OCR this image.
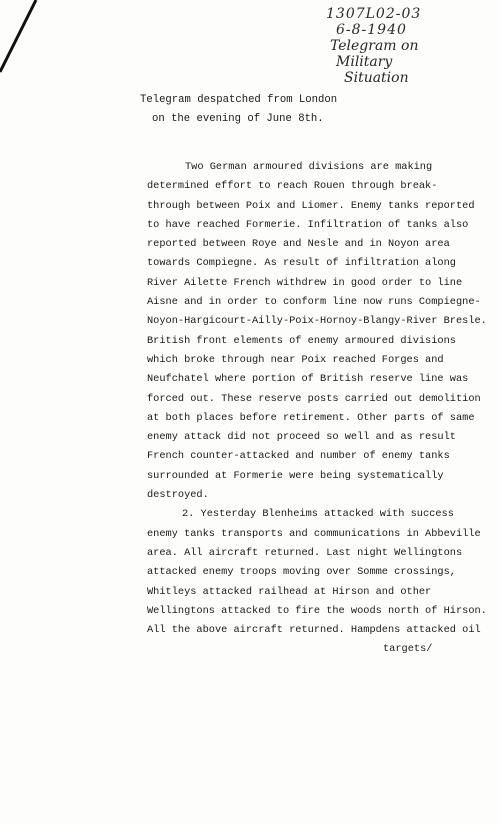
1307L02-03
6-8-1940
Telegram on
Military
Situation
Telegram despatched from London
on the evening of June 8th.
Two German armoured divisions are making
determined effort to reach Rouen through break-
through between Poix and Liomer. Enemy tanks reported
to have reached Formerie. Infiltration of tanks also
reported between Roye and Nesle and in Noyon area
towards Compiegne. As result of infiltration along
River Ailette French withdrew in good order to line
Aisne and in order to conform line now runs Compiegne-
Noyon-Hargicourt-Ailly-Poix-Hornoy-Blangy-River Bresle.
British front elements of enemy armoured divisions
which broke through near Poix reached Forges and
Neufchatel where portion of British reserve line was
forced out. These reserve posts carried out demolition
at both places before retirement. Other parts of same
enemy attack did not proceed so well and as result
French counter-attacked and number of enemy tanks
surrounded at Formerie were being systematically
destroyed.
2. Yesterday Blenheims attacked with success
enemy tanks transports and communications in Abbeville
area. All aircraft returned. Last night Wellingtons
attacked enemy troops moving over Somme crossings,
Whitleys attacked railhead at Hirson and other
Wellingtons attacked to fire the woods north of Hirson.
All the above aircraft returned. Hampdens attacked oil
targets/
